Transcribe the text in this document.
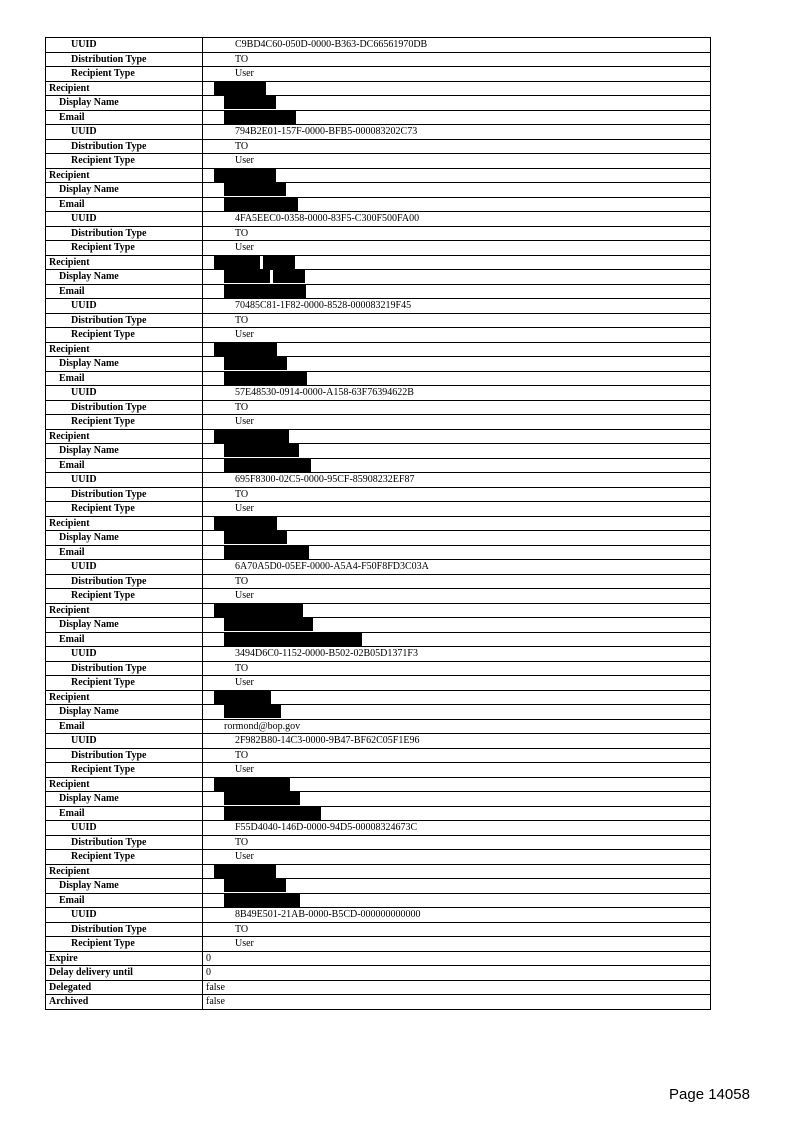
UUID	C9BD4C60-050D-0000-B363-DC66561970DB
Distribution Type	TO
Recipient Type	User
Recipient	
Display Name	
Email	
UUID	794B2E01-157F-0000-BFB5-000083202C73
Distribution Type	TO
Recipient Type	User
Recipient	
Display Name	
Email	
UUID	4FA5EEC0-0358-0000-83F5-C300F500FA00
Distribution Type	TO
Recipient Type	User
Recipient	
Display Name	
Email	
UUID	70485C81-1F82-0000-8528-000083219F45
Distribution Type	TO
Recipient Type	User
Recipient	
Display Name	
Email	
UUID	57E48530-0914-0000-A158-63F76394622B
Distribution Type	TO
Recipient Type	User
Recipient	
Display Name	
Email	
UUID	695F8300-02C5-0000-95CF-85908232EF87
Distribution Type	TO
Recipient Type	User
Recipient	
Display Name	
Email	
UUID	6A70A5D0-05EF-0000-A5A4-F50F8FD3C03A
Distribution Type	TO
Recipient Type	User
Recipient	
Display Name	
Email	
UUID	3494D6C0-1152-0000-B502-02B05D1371F3
Distribution Type	TO
Recipient Type	User
Recipient	
Display Name	
Email	rormond@bop.gov
UUID	2F982B80-14C3-0000-9B47-BF62C05F1E96
Distribution Type	TO
Recipient Type	User
Recipient	
Display Name	
Email	
UUID	F55D4040-146D-0000-94D5-00008324673C
Distribution Type	TO
Recipient Type	User
Recipient	
Display Name	
Email	
UUID	8B49E501-21AB-0000-B5CD-000000000000
Distribution Type	TO
Recipient Type	User
Expire	0
Delay delivery until	0
Delegated	false
Archived	false
Page 14058
